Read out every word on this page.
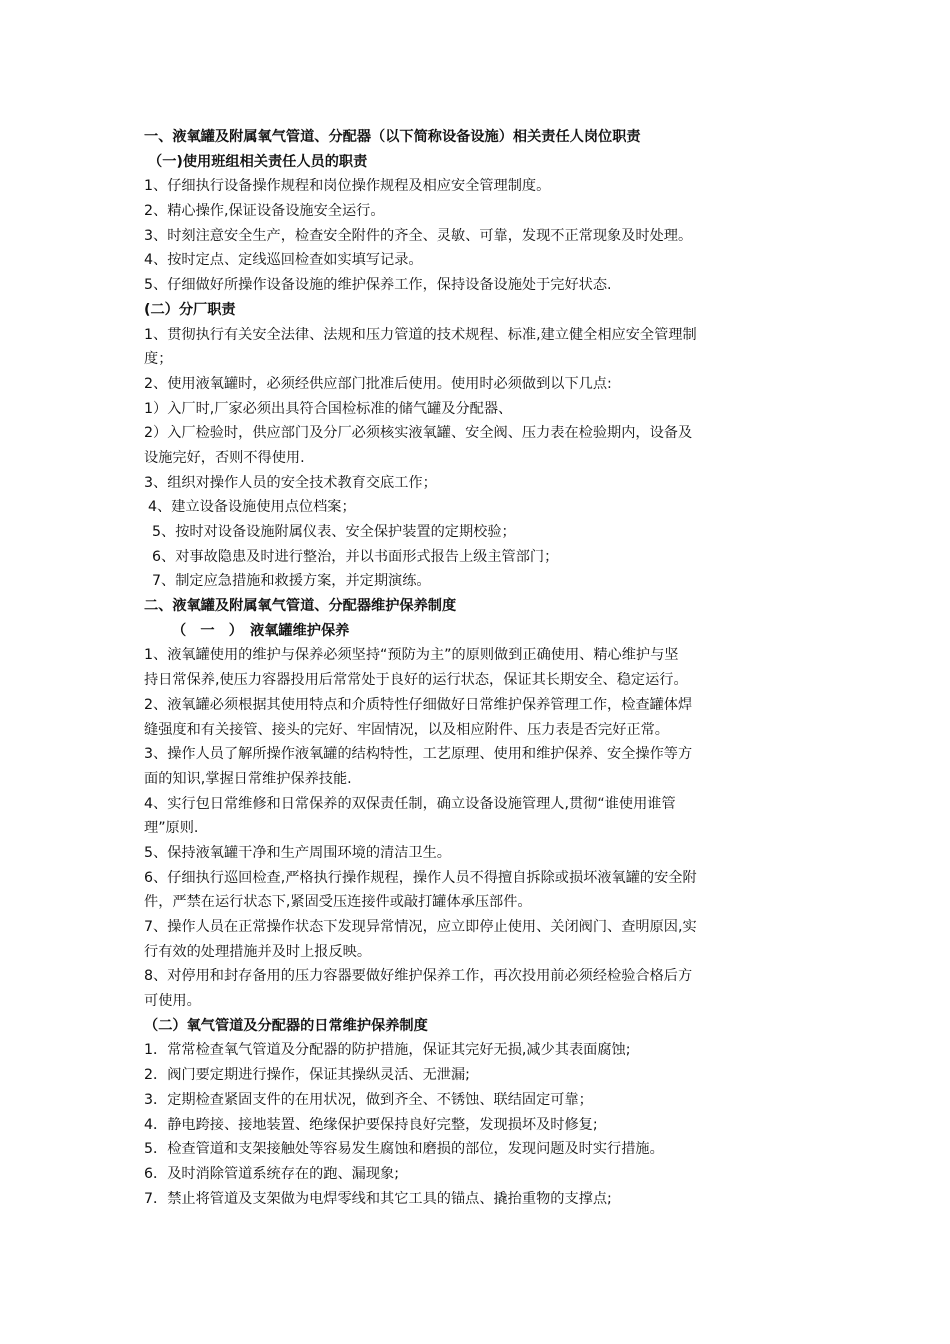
一、液氧罐及附属氧气管道、分配器（以下简称设备设施）相关责任人岗位职责
（一)使用班组相关责任人员的职责
1、仔细执行设备操作规程和岗位操作规程及相应安全管理制度。
2、精心操作,保证设备设施安全运行。
3、时刻注意安全生产，检查安全附件的齐全、灵敏、可靠，发现不正常现象及时处理。
4、按时定点、定线巡回检查如实填写记录。
5、仔细做好所操作设备设施的维护保养工作，保持设备设施处于完好状态.
(二）分厂职责
1、贯彻执行有关安全法律、法规和压力管道的技术规程、标准,建立健全相应安全管理制
度；
2、使用液氧罐时，必须经供应部门批准后使用。使用时必须做到以下几点:
1）入厂时,厂家必须出具符合国检标准的储气罐及分配器、
2）入厂检验时，供应部门及分厂必须核实液氧罐、安全阀、压力表在检验期内，设备及
设施完好，否则不得使用.
3、组织对操作人员的安全技术教育交底工作；
4、建立设备设施使用点位档案；
5、按时对设备设施附属仪表、安全保护装置的定期校验；
6、对事故隐患及时进行整治，并以书面形式报告上级主管部门；
7、制定应急措施和救援方案，并定期演练。
二、液氧罐及附属氧气管道、分配器维护保养制度
（　一　）　液氧罐维护保养
1、液氧罐使用的维护与保养必须坚持“预防为主”的原则做到正确使用、精心维护与坚
持日常保养,使压力容器投用后常常处于良好的运行状态，保证其长期安全、稳定运行。
2、液氧罐必须根据其使用特点和介质特性仔细做好日常维护保养管理工作，检查罐体焊
缝强度和有关接管、接头的完好、牢固情况，以及相应附件、压力表是否完好正常。
3、操作人员了解所操作液氧罐的结构特性，工艺原理、使用和维护保养、安全操作等方
面的知识,掌握日常维护保养技能.
4、实行包日常维修和日常保养的双保责任制，确立设备设施管理人,贯彻“谁使用谁管
理”原则.
5、保持液氧罐干净和生产周围环境的清洁卫生。
6、仔细执行巡回检查,严格执行操作规程，操作人员不得擅自拆除或损坏液氧罐的安全附
件，严禁在运行状态下,紧固受压连接件或敲打罐体承压部件。
7、操作人员在正常操作状态下发现异常情况，应立即停止使用、关闭阀门、查明原因,实
行有效的处理措施并及时上报反映。
8、对停用和封存备用的压力容器要做好维护保养工作，再次投用前必须经检验合格后方
可使用。
（二）氧气管道及分配器的日常维护保养制度
1．常常检查氧气管道及分配器的防护措施，保证其完好无损,减少其表面腐蚀;
2．阀门要定期进行操作，保证其操纵灵活、无泄漏;
3．定期检查紧固支件的在用状况，做到齐全、不锈蚀、联结固定可靠；
4．静电跨接、接地装置、绝缘保护要保持良好完整，发现损坏及时修复;
5．检查管道和支架接触处等容易发生腐蚀和磨损的部位，发现问题及时实行措施。
6．及时消除管道系统存在的跑、漏现象;
7．禁止将管道及支架做为电焊零线和其它工具的锚点、撬抬重物的支撑点;
